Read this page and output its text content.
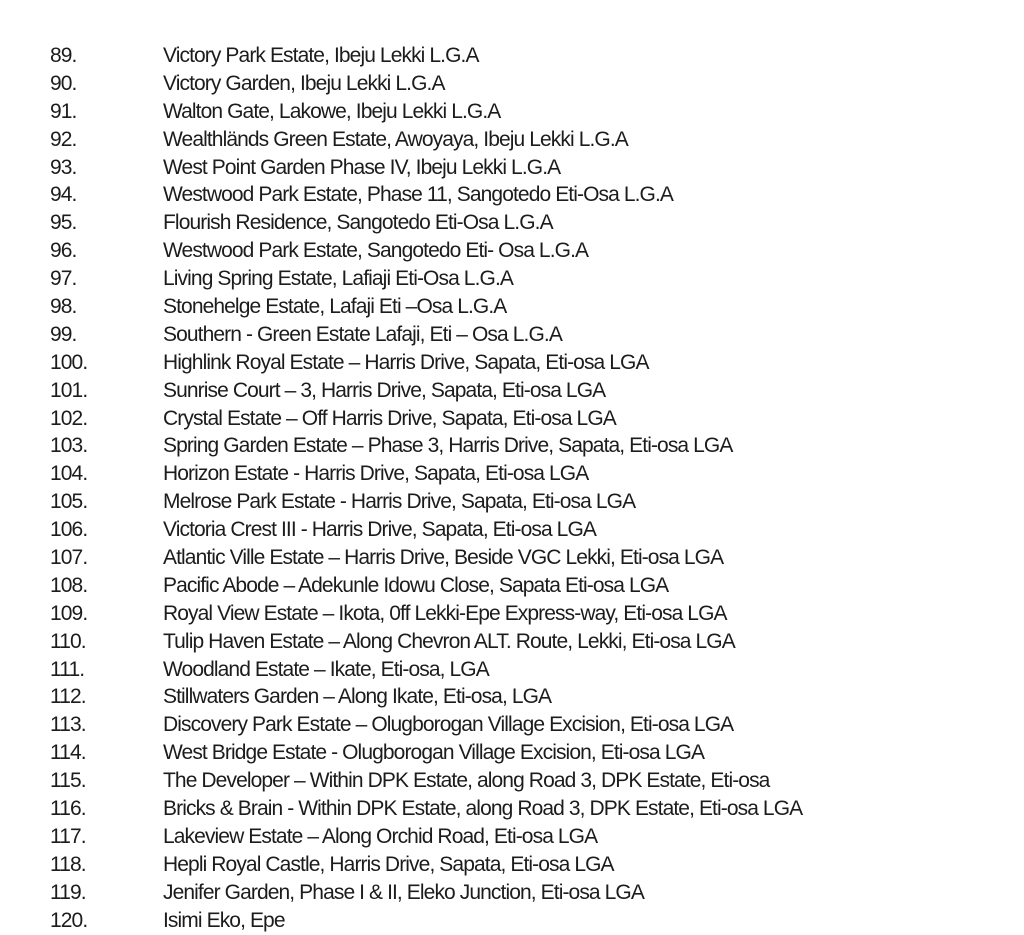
89.	Victory Park Estate, Ibeju Lekki L.G.A
90.	Victory Garden, Ibeju Lekki L.G.A
91.	Walton Gate, Lakowe, Ibeju Lekki L.G.A
92.	Wealthländs Green Estate, Awoyaya, Ibeju Lekki L.G.A
93.	West Point Garden Phase IV, Ibeju Lekki L.G.A
94.	Westwood Park Estate, Phase 11, Sangotedo Eti-Osa L.G.A
95.	Flourish Residence, Sangotedo Eti-Osa L.G.A
96.	Westwood Park Estate, Sangotedo Eti- Osa L.G.A
97.	Living Spring Estate, Lafiaji Eti-Osa L.G.A
98.	Stonehelge Estate, Lafaji Eti –Osa L.G.A
99.	Southern - Green Estate Lafaji, Eti – Osa L.G.A
100.	Highlink Royal Estate – Harris Drive, Sapata, Eti-osa LGA
101.	Sunrise Court – 3, Harris Drive, Sapata, Eti-osa LGA
102.	Crystal Estate – Off Harris Drive, Sapata, Eti-osa LGA
103.	Spring Garden Estate – Phase 3, Harris Drive, Sapata, Eti-osa LGA
104.	Horizon Estate - Harris Drive, Sapata, Eti-osa LGA
105.	Melrose Park Estate - Harris Drive, Sapata, Eti-osa LGA
106.	Victoria Crest III - Harris Drive, Sapata, Eti-osa LGA
107.	Atlantic Ville Estate – Harris Drive, Beside VGC Lekki, Eti-osa LGA
108.	Pacific Abode – Adekunle Idowu Close, Sapata Eti-osa LGA
109.	Royal View Estate – Ikota, 0ff Lekki-Epe Express-way, Eti-osa LGA
110.	Tulip Haven Estate – Along Chevron ALT. Route, Lekki, Eti-osa LGA
111.	Woodland Estate – Ikate, Eti-osa, LGA
112.	Stillwaters Garden – Along Ikate, Eti-osa, LGA
113.	Discovery Park Estate – Olugborogan Village Excision, Eti-osa LGA
114.	West Bridge Estate - Olugborogan Village Excision, Eti-osa LGA
115.	The Developer – Within DPK Estate, along Road 3, DPK Estate, Eti-osa
116.	Bricks & Brain - Within DPK Estate, along Road 3, DPK Estate, Eti-osa LGA
117.	Lakeview Estate – Along Orchid Road, Eti-osa LGA
118.	Hepli Royal Castle, Harris Drive, Sapata, Eti-osa LGA
119.	Jenifer Garden, Phase I & II, Eleko Junction, Eti-osa LGA
120.	Isimi Eko, Epe
